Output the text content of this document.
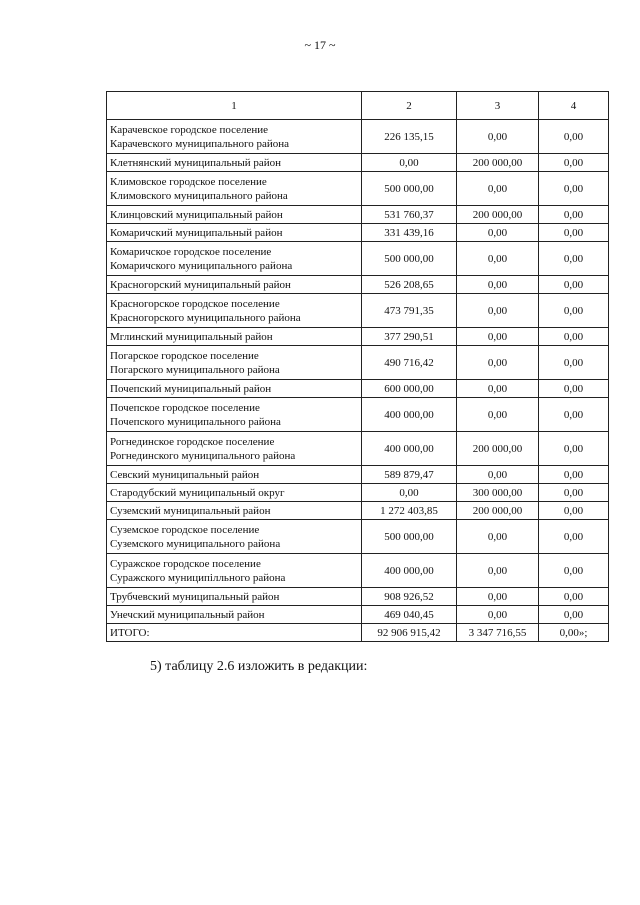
~ 17 ~
1	2	3	4
Карачевское городское поселение
Карачевского муниципального района	226 135,15	0,00	0,00
Клетнянский муниципальный район	0,00	200 000,00	0,00
Климовское городское поселение
Климовского муниципального района	500 000,00	0,00	0,00
Клинцовский муниципальный район	531 760,37	200 000,00	0,00
Комаричский муниципальный район	331 439,16	0,00	0,00
Комаричское городское поселение
Комаричского муниципального района	500 000,00	0,00	0,00
Красногорский муниципальный район	526 208,65	0,00	0,00
Красногорское городское поселение
Красногорского муниципального района	473 791,35	0,00	0,00
Мглинский муниципальный район	377 290,51	0,00	0,00
Погарское городское поселение
Погарского муниципального района	490 716,42	0,00	0,00
Почепский муниципальный район	600 000,00	0,00	0,00
Почепское городское поселение
Почепского муниципального района	400 000,00	0,00	0,00
Рогнединское городское поселение
Рогнединского муниципального района	400 000,00	200 000,00	0,00
Севский муниципальный район	589 879,47	0,00	0,00
Стародубский муниципальный округ	0,00	300 000,00	0,00
Суземский муниципальный район	1 272 403,85	200 000,00	0,00
Суземское городское поселение
Суземского муниципального района	500 000,00	0,00	0,00
Суражское городское поселение
Суражского муниципілльного района	400 000,00	0,00	0,00
Трубчевский муниципальный район	908 926,52	0,00	0,00
Унечский муниципальный район	469 040,45	0,00	0,00
ИТОГО:	92 906 915,42	3 347 716,55	0,00»;
5) таблицу 2.6 изложить в редакции:
